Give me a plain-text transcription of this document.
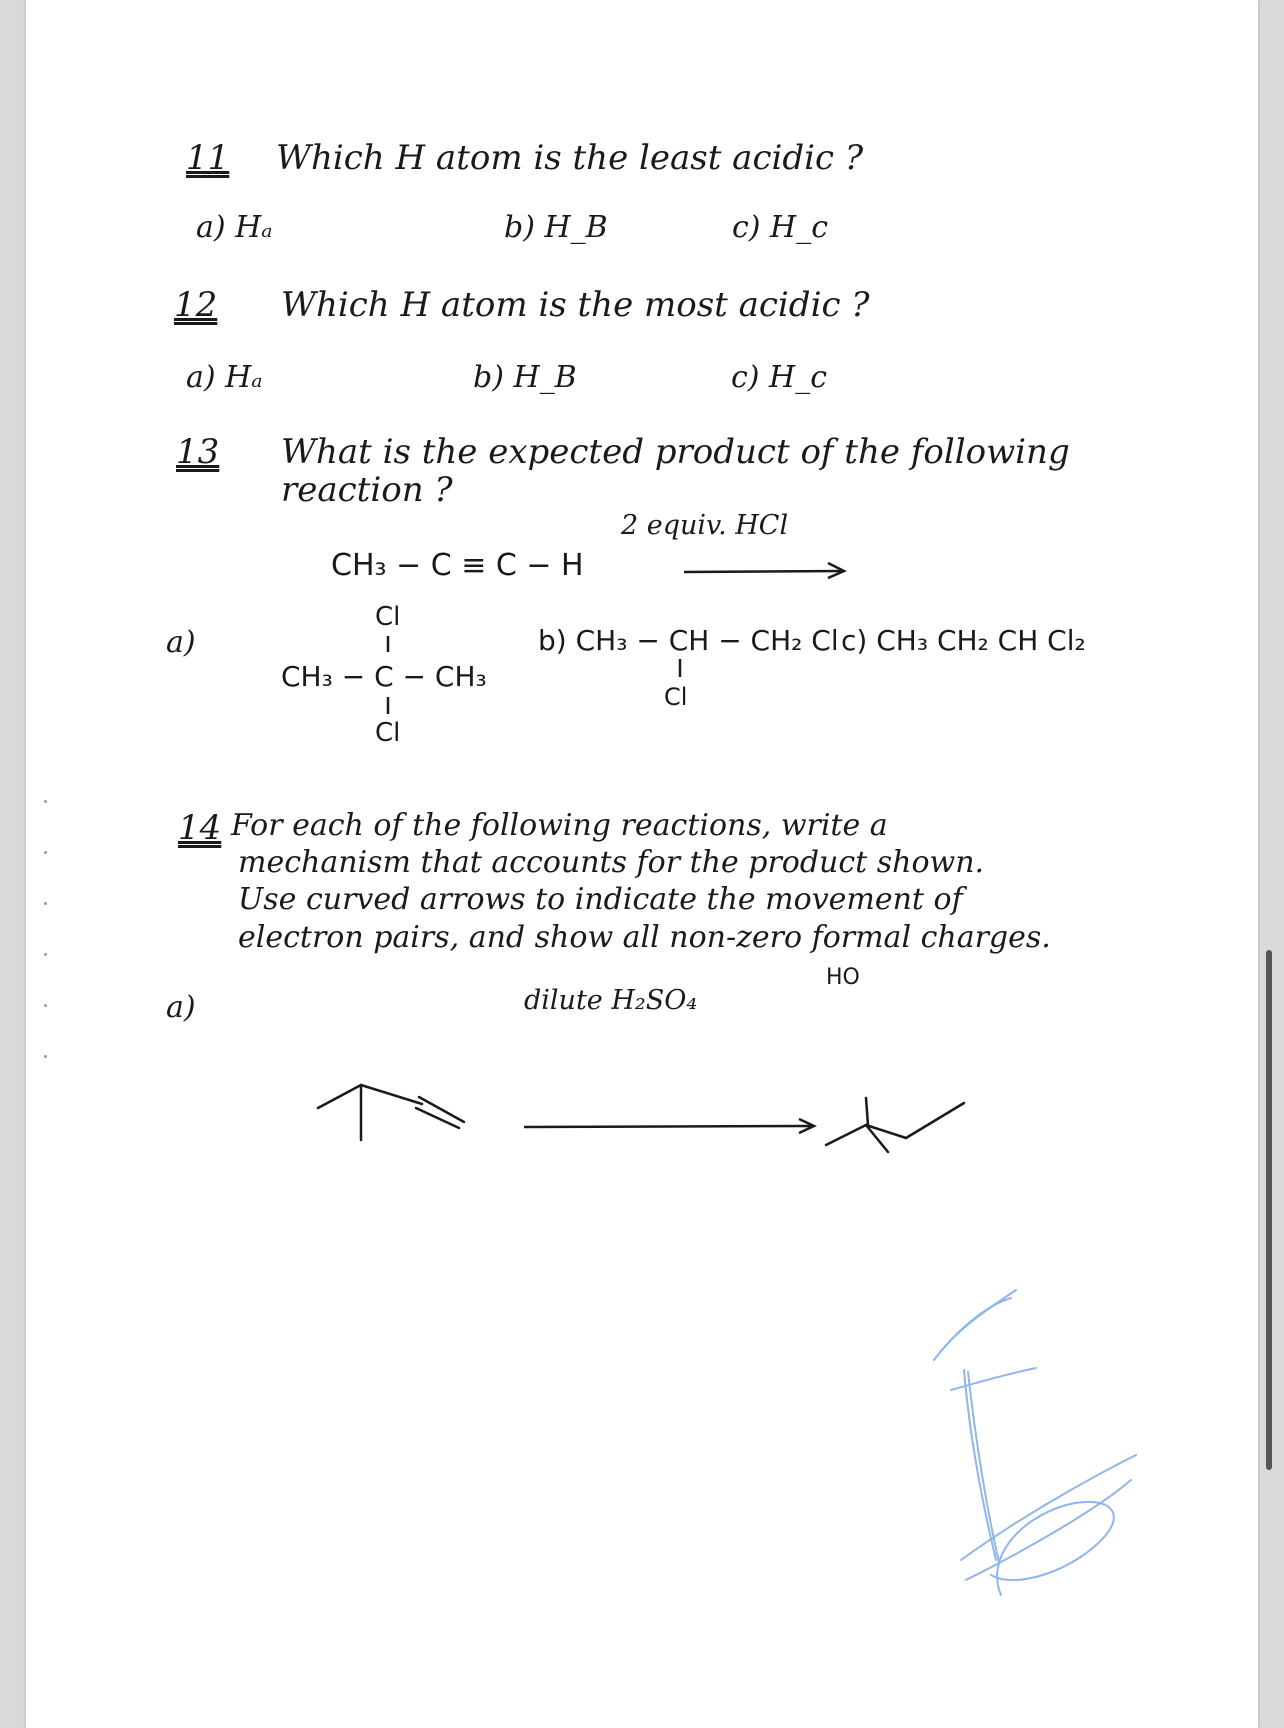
11 Which H atom is the least acidic ?
a) Hₐ	b) H_B	c) H_c
12 Which H atom is the most acidic ?
a) Hₐ	b) H_B	c) H_c
13 What is the expected product of the following
reaction ?
2 equiv. HCl
CH₃ − C ≡ C − H
a)
Cl
CH₃ − C − CH₃
Cl
b) CH₃ − CH − CH₂ Cl
Cl
c) CH₃ CH₂ CH Cl₂
14 For each of the following reactions, write a
mechanism that accounts for the product shown.
Use curved arrows to indicate the movement of
electron pairs, and show all non-zero formal charges.
a)	dilute H₂SO₄
HO
